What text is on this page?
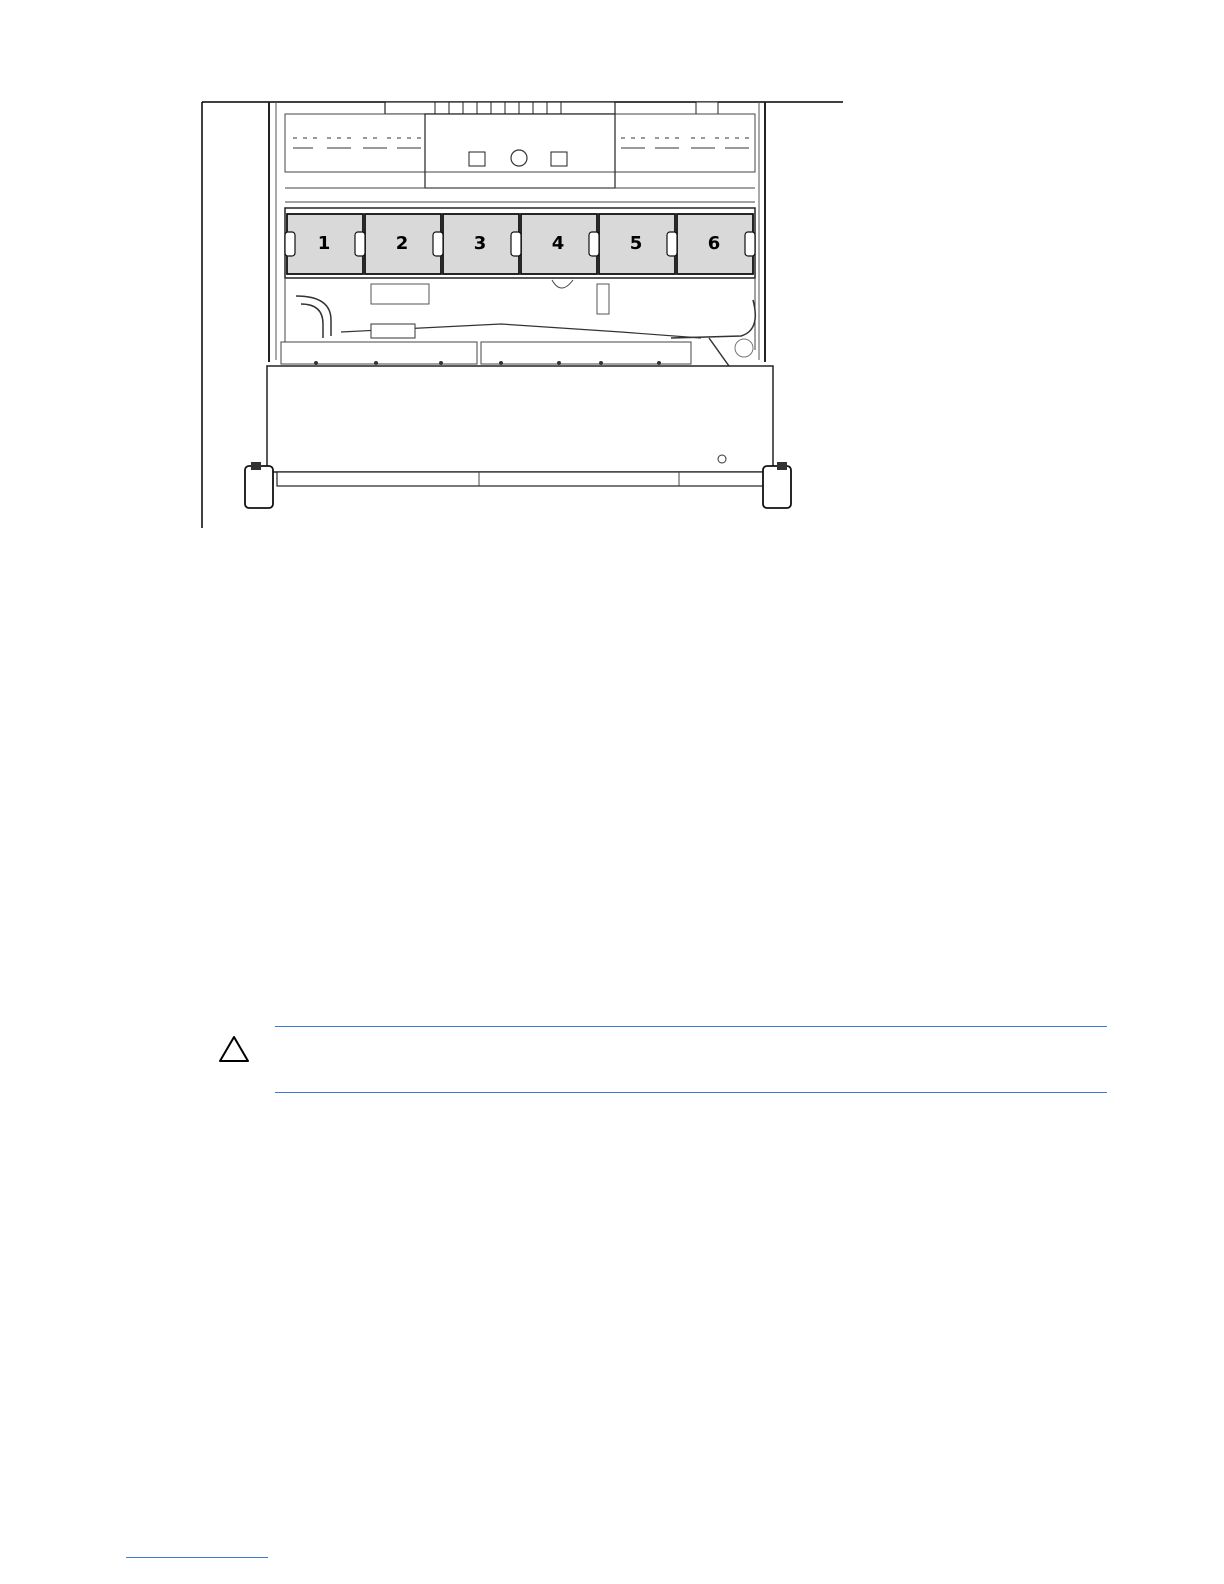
1	2	3	4	5	6
